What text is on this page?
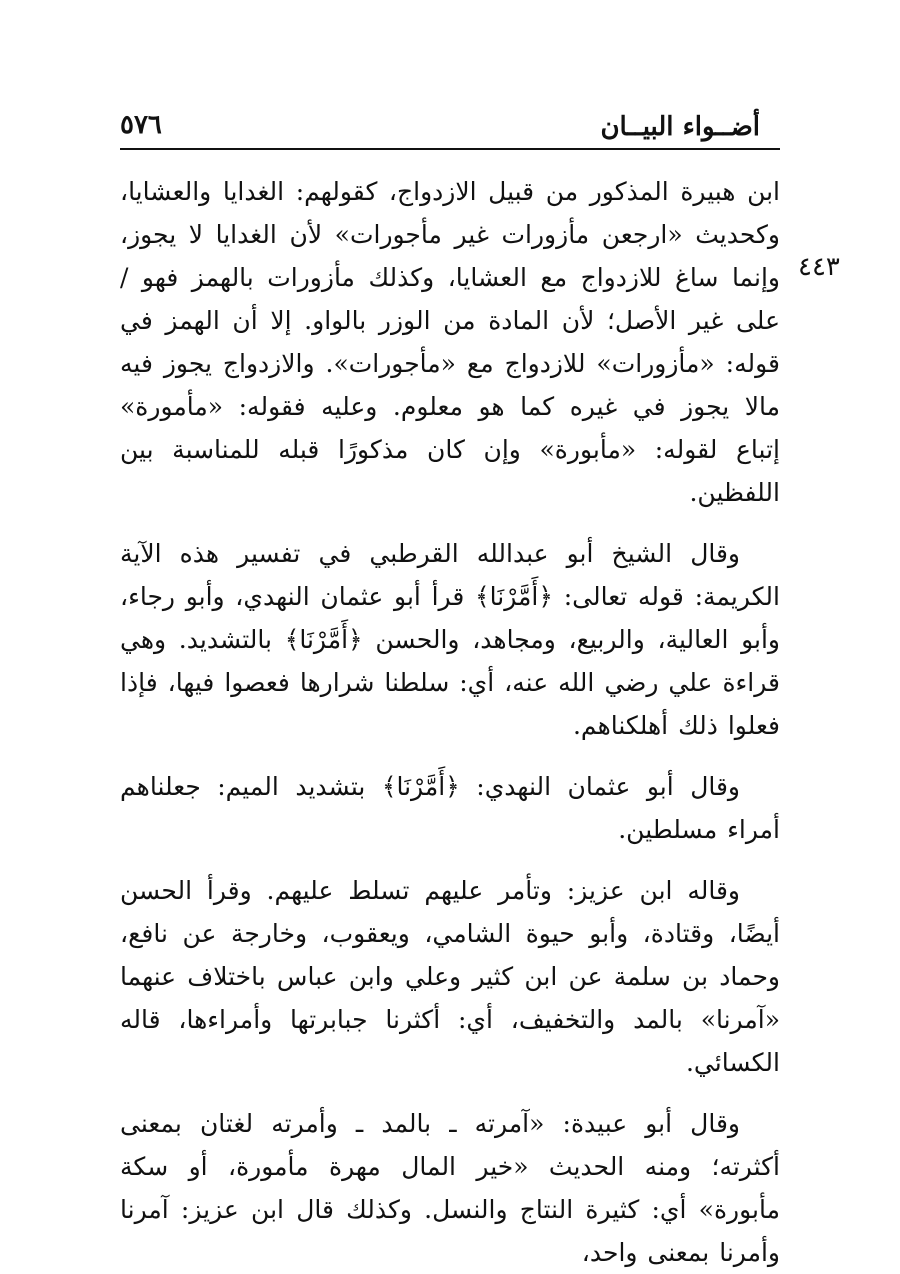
أضــواء البيــان
٥٧٦
٤٤٣

ابن هبيرة المذكور من قبيل الازدواج، كقولهم: الغدايا والعشايا، وكحديث «ارجعن مأزورات غير مأجورات» لأن الغدايا لا يجوز، وإنما ساغ للازدواج مع العشايا، وكذلك مأزورات بالهمز فهو / على غير الأصل؛ لأن المادة من الوزر بالواو. إلا أن الهمز في قوله: «مأزورات» للازدواج مع «مأجورات». والازدواج يجوز فيه مالا يجوز في غيره كما هو معلوم. وعليه فقوله: «مأمورة» إتباع لقوله: «مأبورة» وإن كان مذكورًا قبله للمناسبة بين اللفظين.

وقال الشيخ أبو عبدالله القرطبي في تفسير هذه الآية الكريمة: قوله تعالى: ﴿أَمَّرْنَا﴾ قرأ أبو عثمان النهدي، وأبو رجاء، وأبو العالية، والربيع، ومجاهد، والحسن ﴿أَمَّرْنَا﴾ بالتشديد. وهي قراءة علي رضي الله عنه، أي: سلطنا شرارها فعصوا فيها، فإذا فعلوا ذلك أهلكناهم.

وقال أبو عثمان النهدي: ﴿أَمَّرْنَا﴾ بتشديد الميم: جعلناهم أمراء مسلطين.

وقاله ابن عزيز: وتأمر عليهم تسلط عليهم. وقرأ الحسن أيضًا، وقتادة، وأبو حيوة الشامي، ويعقوب، وخارجة عن نافع، وحماد بن سلمة عن ابن كثير وعلي وابن عباس باختلاف عنهما «آمرنا» بالمد والتخفيف، أي: أكثرنا جبابرتها وأمراءها، قاله الكسائي.

وقال أبو عبيدة: «آمرته ـ بالمد ـ وأمرته لغتان بمعنى أكثرته؛ ومنه الحديث «خير المال مهرة مأمورة، أو سكة مأبورة» أي: كثيرة النتاج والنسل. وكذلك قال ابن عزيز: آمرنا وأمرنا بمعنى واحد،
